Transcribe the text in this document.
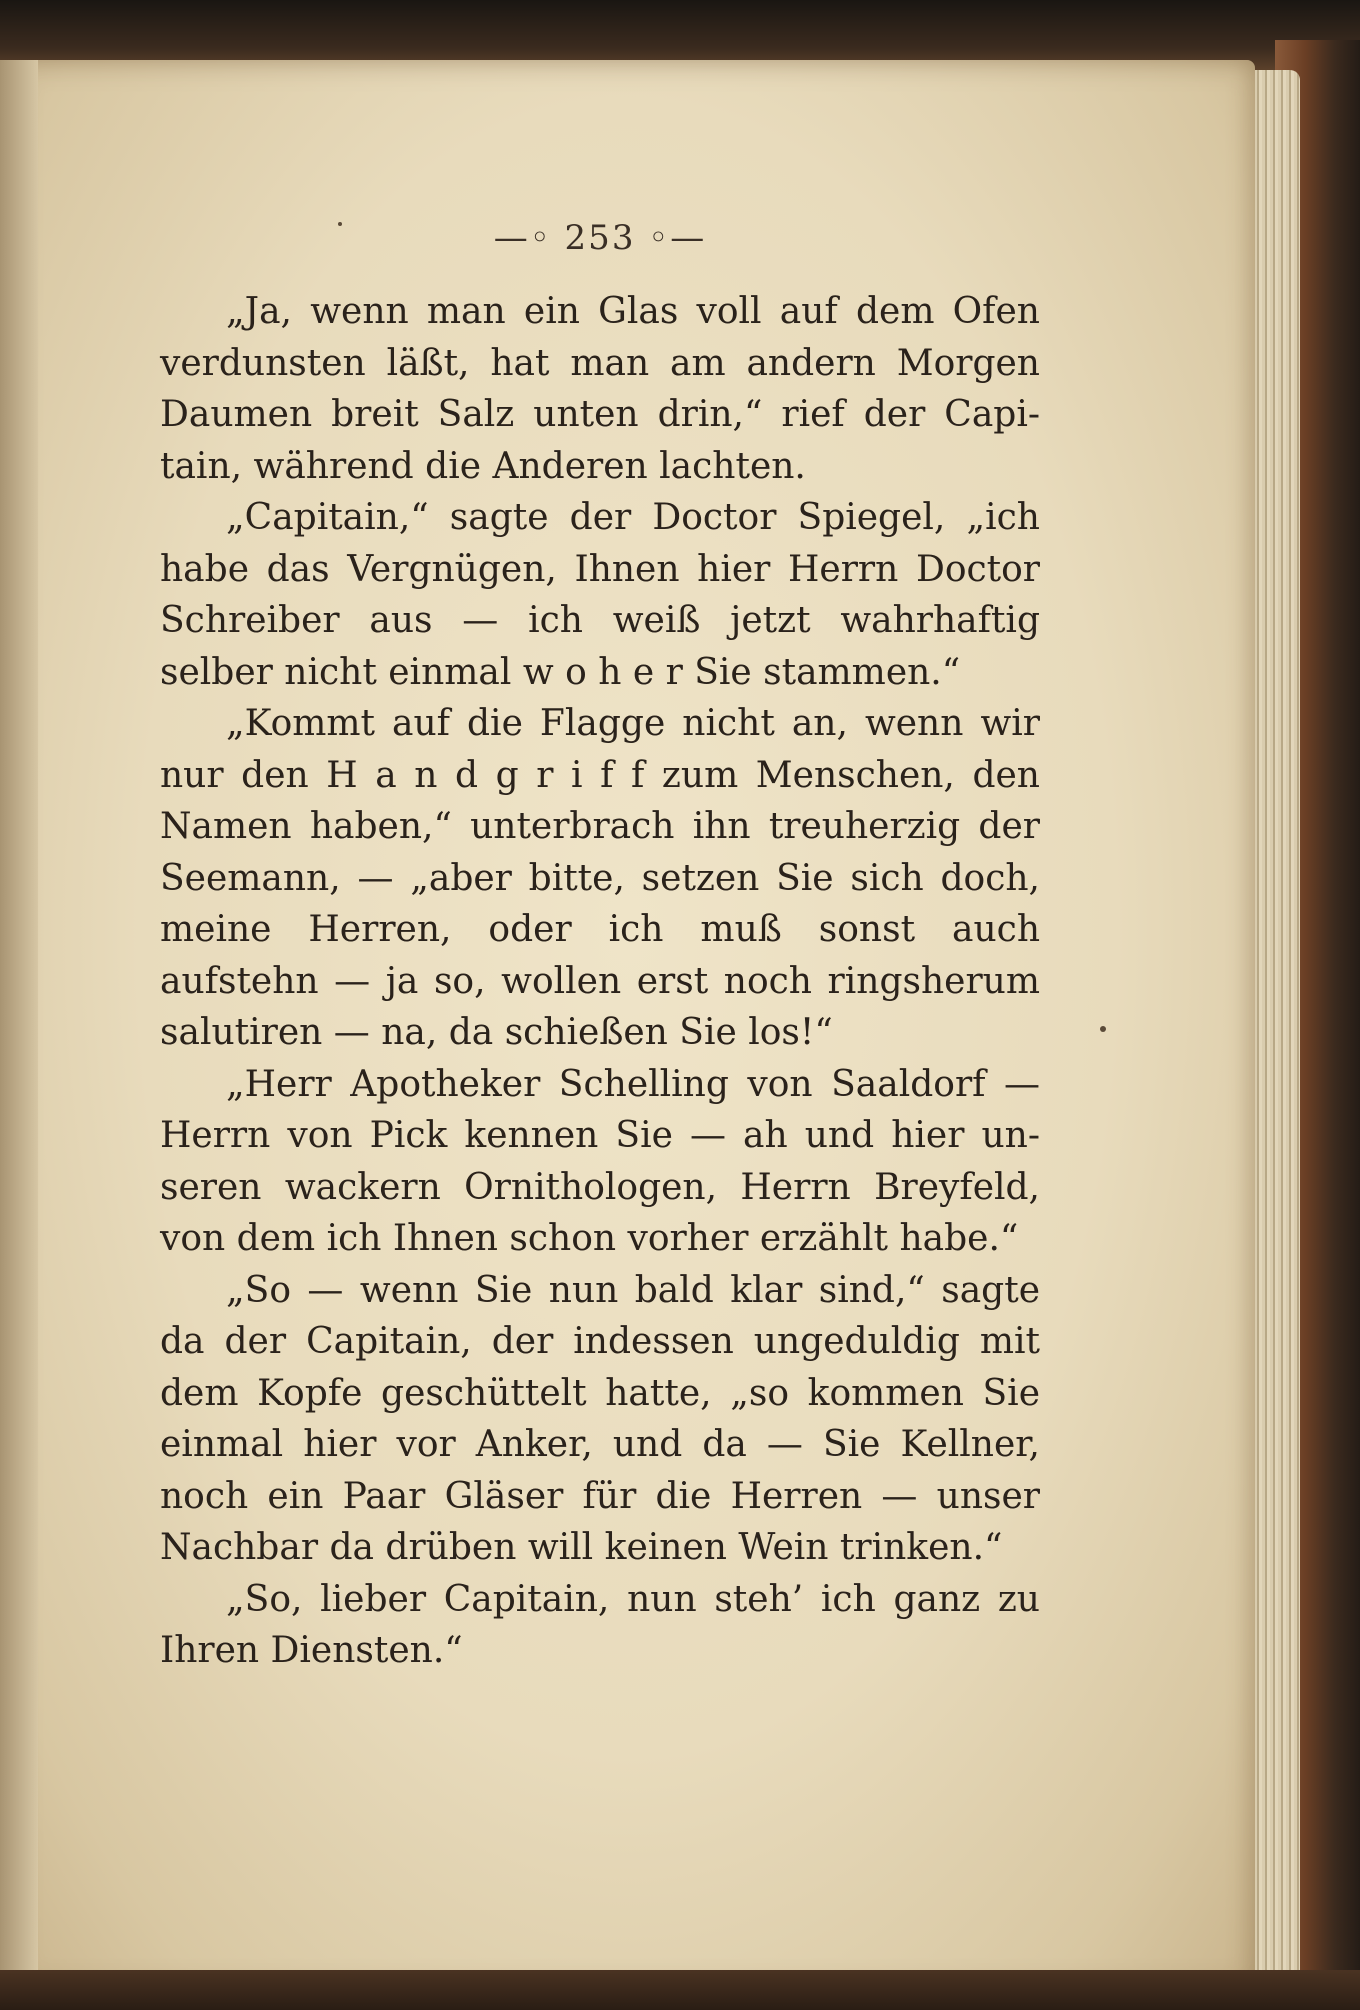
—◦ 253 ◦—

„Ja, wenn man ein Glas voll auf dem Ofen verdunsten läßt, hat man am andern Morgen Daumen breit Salz unten drin,“ rief der Capi-tain, während die Anderen lachten.

„Capitain,“ sagte der Doctor Spiegel, „ich habe das Vergnügen, Ihnen hier Herrn Doctor Schreiber aus — ich weiß jetzt wahrhaftig selber nicht einmal w o h e r Sie stammen.“

„Kommt auf die Flagge nicht an, wenn wir nur den H a n d g r i f f zum Menschen, den Namen haben,“ unterbrach ihn treuherzig der Seemann, — „aber bitte, setzen Sie sich doch, meine Herren, oder ich muß sonst auch aufstehn — ja so, wollen erst noch ringsherum salutiren — na, da schießen Sie los!“

„Herr Apotheker Schelling von Saaldorf — Herrn von Pick kennen Sie — ah und hier un-seren wackern Ornithologen, Herrn Breyfeld, von dem ich Ihnen schon vorher erzählt habe.“

„So — wenn Sie nun bald klar sind,“ sagte da der Capitain, der indessen ungeduldig mit dem Kopfe geschüttelt hatte, „so kommen Sie einmal hier vor Anker, und da — Sie Kellner, noch ein Paar Gläser für die Herren — unser Nachbar da drüben will keinen Wein trinken.“

„So, lieber Capitain, nun steh’ ich ganz zu Ihren Diensten.“
